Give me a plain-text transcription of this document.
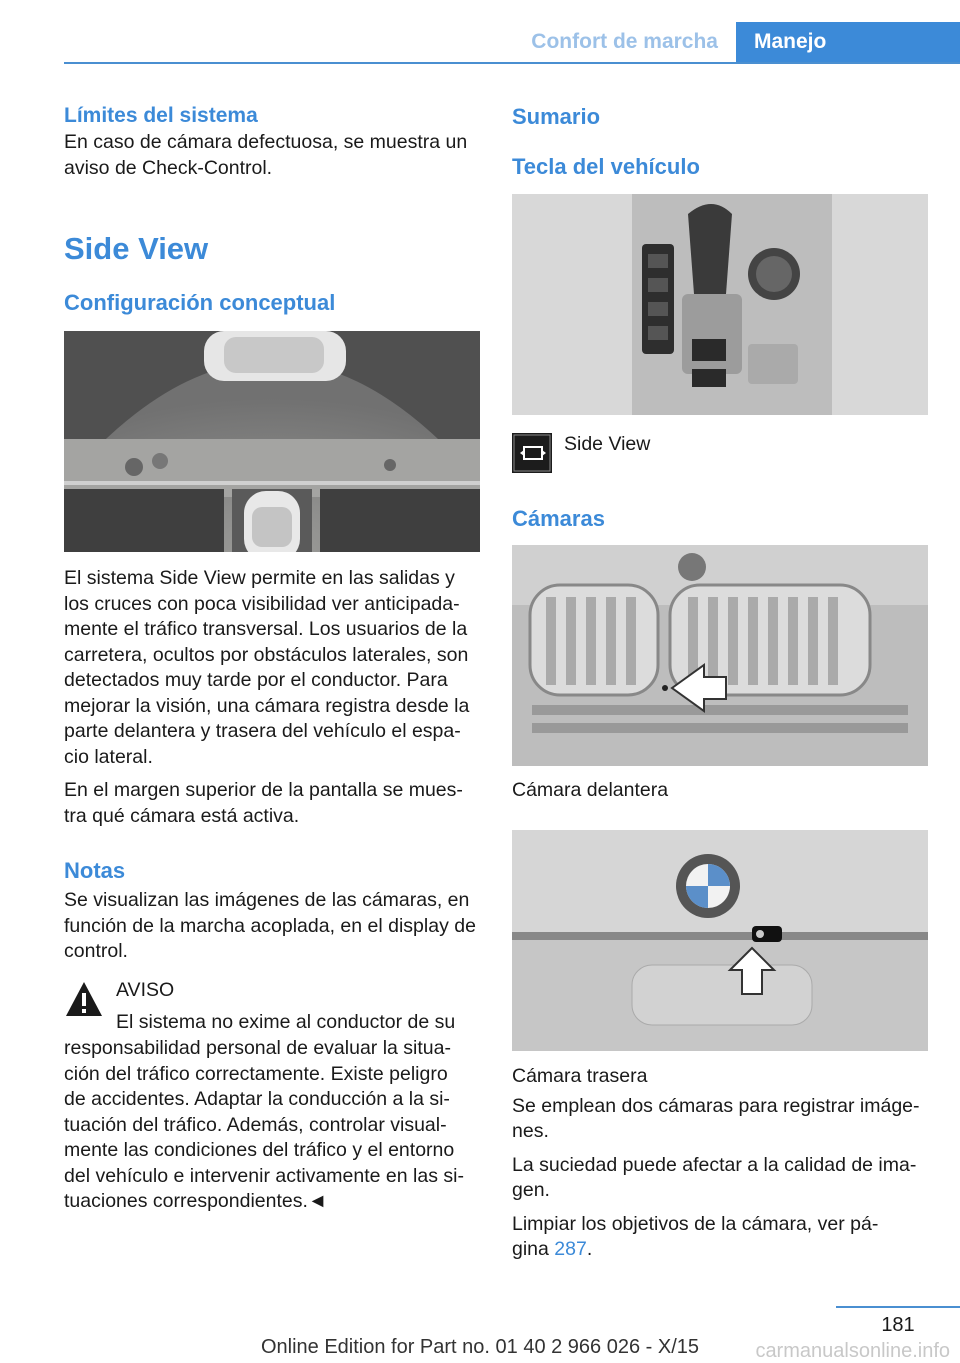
Confort de marcha	Manejo
Límites del sistema

En caso de cámara defectuosa, se muestra un aviso de Check-Control.

Side View
Configuración conceptual

El sistema Side View permite en las salidas y

los cruces con poca visibilidad ver anticipada-

mente el tráfico transversal. Los usuarios de la

carretera, ocultos por obstáculos laterales, son

detectados muy tarde por el conductor. Para

mejorar la visión, una cámara registra desde la

parte delantera y trasera del vehículo el espa-

cio lateral.

En el margen superior de la pantalla se mues-

tra qué cámara está activa.

Notas

Se visualizan las imágenes de las cámaras, en

función de la marcha acoplada, en el display de

control.

AVISO

El sistema no exime al conductor de su

responsabilidad personal de evaluar la situa-

ción del tráfico correctamente. Existe peligro

de accidentes. Adaptar la conducción a la si-

tuación del tráfico. Además, controlar visual-

mente las condiciones del tráfico y el entorno

del vehículo e intervenir activamente en las si-

tuaciones correspondientes.◄

Sumario
Tecla del vehículo

Side View

Cámaras

Cámara delantera

Cámara trasera

Se emplean dos cámaras para registrar imáge-

nes.

La suciedad puede afectar a la calidad de ima-

gen.

Limpiar los objetivos de la cámara, ver pá-

gina 287.

181
Online Edition for Part no. 01 40 2 966 026 - X/15	carmanualsonline.info
